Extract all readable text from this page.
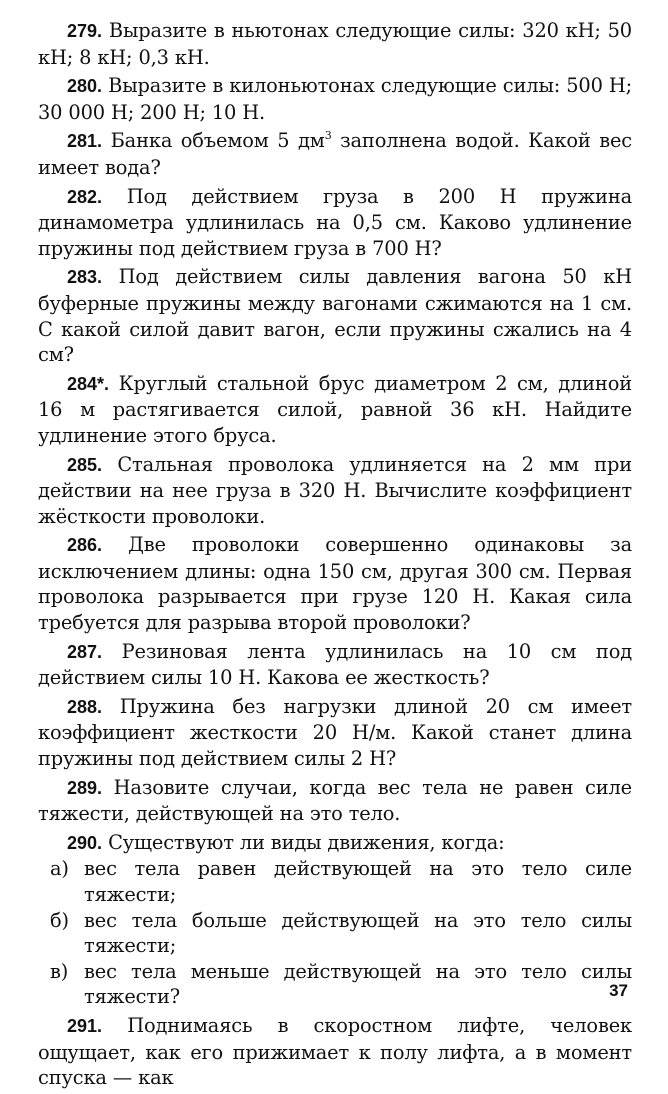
279. Выразите в ньютонах следующие силы: 320 кН; 50 кН; 8 кН; 0,3 кН.

280. Выразите в килоньютонах следующие силы: 500 Н; 30 000 Н; 200 Н; 10 Н.

281. Банка объемом 5 $дм^3$ заполнена водой. Какой вес имеет вода?

282. Под действием груза в 200 Н пружина динамометра удлинилась на 0,5 см. Каково удлинение пружины под действием груза в 700 Н?

283. Под действием силы давления вагона 50 кН буферные пружины между вагонами сжимаются на 1 см. С какой силой давит вагон, если пружины сжались на 4 см?

284*. Круглый стальной брус диаметром 2 см, длиной 16 м растягивается силой, равной 36 кН. Найдите удлинение этого бруса.

285. Стальная проволока удлиняется на 2 мм при действии на нее груза в 320 Н. Вычислите коэффициент жёсткости проволоки.

286. Две проволоки совершенно одинаковы за исключением длины: одна 150 см, другая 300 см. Первая проволока разрывается при грузе 120 Н. Какая сила требуется для разрыва второй проволоки?

287. Резиновая лента удлинилась на 10 см под действием силы 10 Н. Какова ее жесткость?

288. Пружина без нагрузки длиной 20 см имеет коэффициент жесткости 20 Н/м. Какой станет длина пружины под действием силы 2 Н?

289. Назовите случаи, когда вес тела не равен силе тяжести, действующей на это тело.

290. Существуют ли виды движения, когда:

а) вес тела равен действующей на это тело силе тяжести;
б) вес тела больше действующей на это тело силы тяжести;
в) вес тела меньше действующей на это тело силы тяжести?

291. Поднимаясь в скоростном лифте, человек ощущает, как его прижимает к полу лифта, а в момент спуска — как

37
